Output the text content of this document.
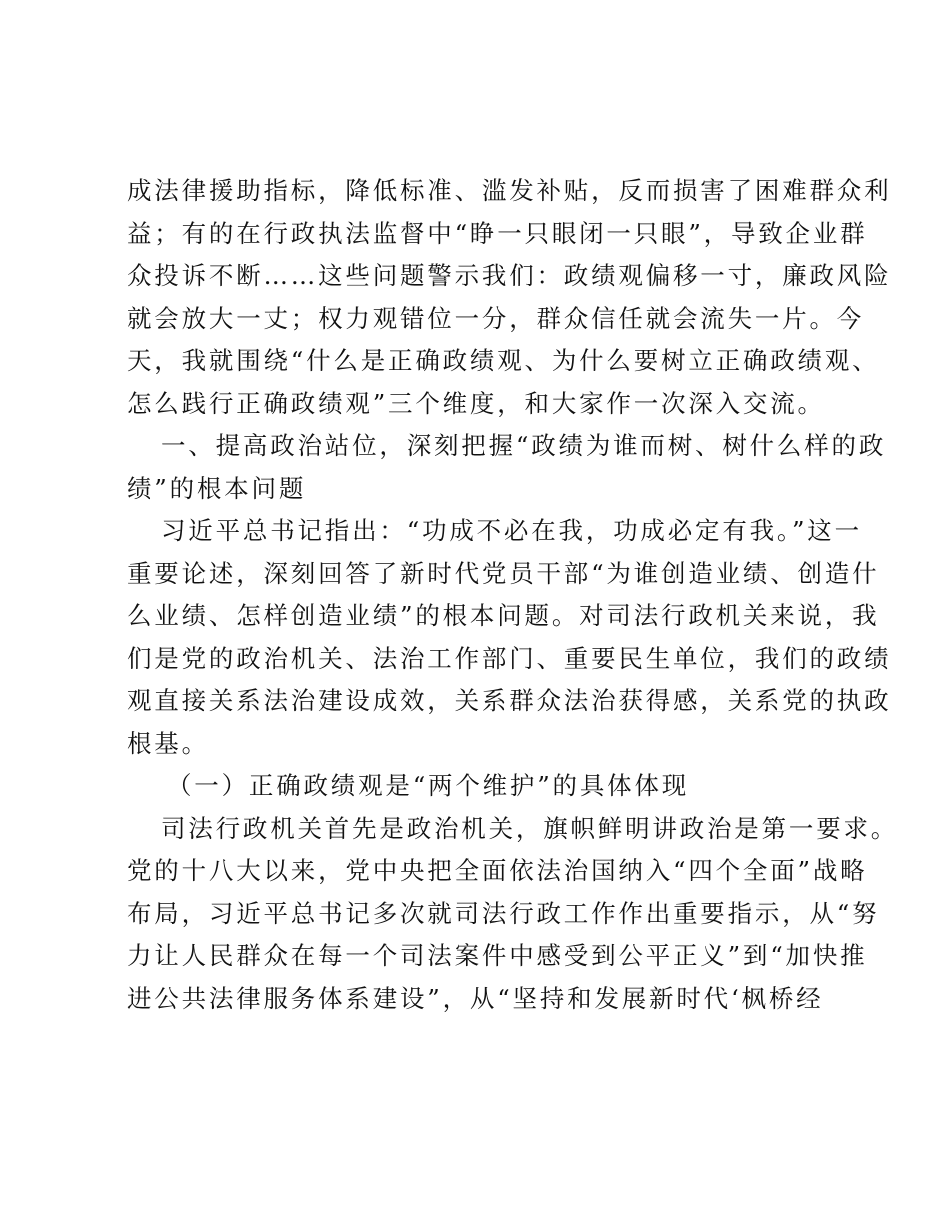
成法律援助指标，降低标准、滥发补贴，反而损害了困难群众利
益；有的在行政执法监督中“睁一只眼闭一只眼”，导致企业群
众投诉不断……这些问题警示我们：政绩观偏移一寸，廉政风险
就会放大一丈；权力观错位一分，群众信任就会流失一片。今
天，我就围绕“什么是正确政绩观、为什么要树立正确政绩观、
怎么践行正确政绩观”三个维度，和大家作一次深入交流。
一、提高政治站位，深刻把握“政绩为谁而树、树什么样的政
绩”的根本问题
习近平总书记指出：“功成不必在我，功成必定有我。”这一
重要论述，深刻回答了新时代党员干部“为谁创造业绩、创造什
么业绩、怎样创造业绩”的根本问题。对司法行政机关来说，我
们是党的政治机关、法治工作部门、重要民生单位，我们的政绩
观直接关系法治建设成效，关系群众法治获得感，关系党的执政
根基。
（一）正确政绩观是“两个维护”的具体体现
司法行政机关首先是政治机关，旗帜鲜明讲政治是第一要求。
党的十八大以来，党中央把全面依法治国纳入“四个全面”战略
布局，习近平总书记多次就司法行政工作作出重要指示，从“努
力让人民群众在每一个司法案件中感受到公平正义”到“加快推
进公共法律服务体系建设”，从“坚持和发展新时代‘枫桥经
